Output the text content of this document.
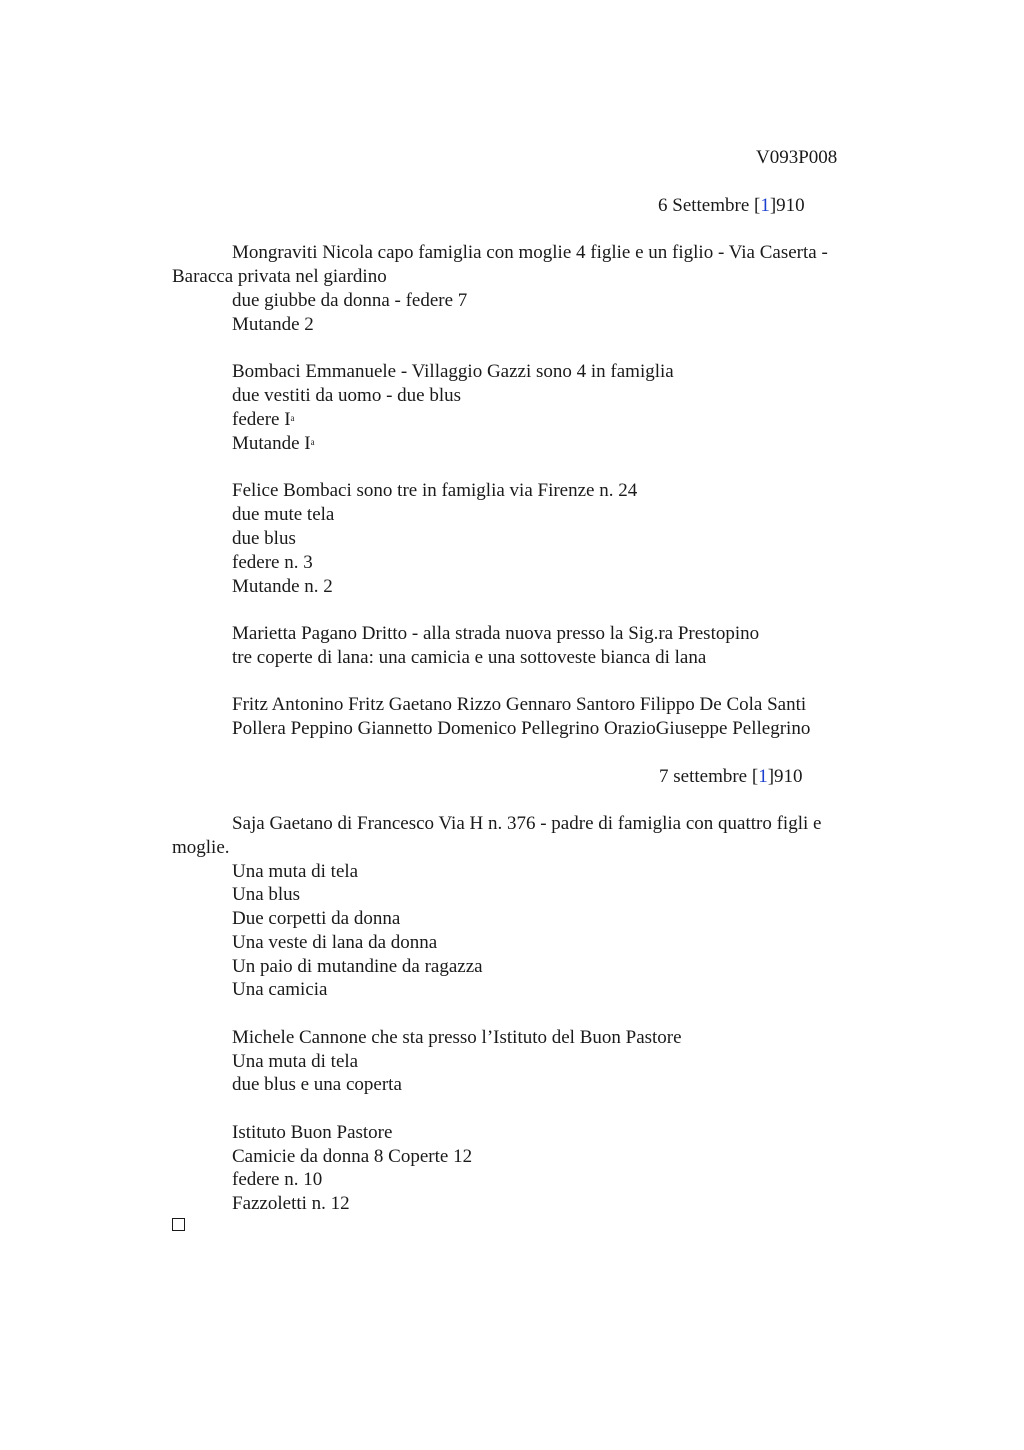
V093P008
6 Settembre [1]910
Mongraviti Nicola capo famiglia con moglie 4 figlie e un figlio - Via Caserta -
Baracca privata nel giardino
due giubbe da donna - federe 7
Mutande 2
Bombaci Emmanuele - Villaggio Gazzi sono 4 in famiglia
due vestiti da uomo - due blus
federe $I^a$
Mutande $I^a$
Felice Bombaci sono tre in famiglia via Firenze n. 24
due mute tela
due blus
federe n. 3
Mutande n. 2
Marietta Pagano Dritto - alla strada nuova presso la Sig.ra Prestopino
tre coperte di lana: una camicia e una sottoveste bianca di lana
Fritz Antonino Fritz Gaetano Rizzo Gennaro Santoro Filippo De Cola Santi
Pollera Peppino Giannetto Domenico Pellegrino OrazioGiuseppe Pellegrino
7 settembre [1]910
Saja Gaetano di Francesco Via H n. 376 - padre di famiglia con quattro figli e
moglie.
Una muta di tela
Una blus
Due corpetti da donna
Una veste di lana da donna
Un paio di mutandine da ragazza
Una camicia
Michele Cannone che sta presso l’Istituto del Buon Pastore
Una muta di tela
due blus e una coperta
Istituto Buon Pastore
Camicie da donna 8 Coperte 12
federe n. 10
Fazzoletti n. 12
